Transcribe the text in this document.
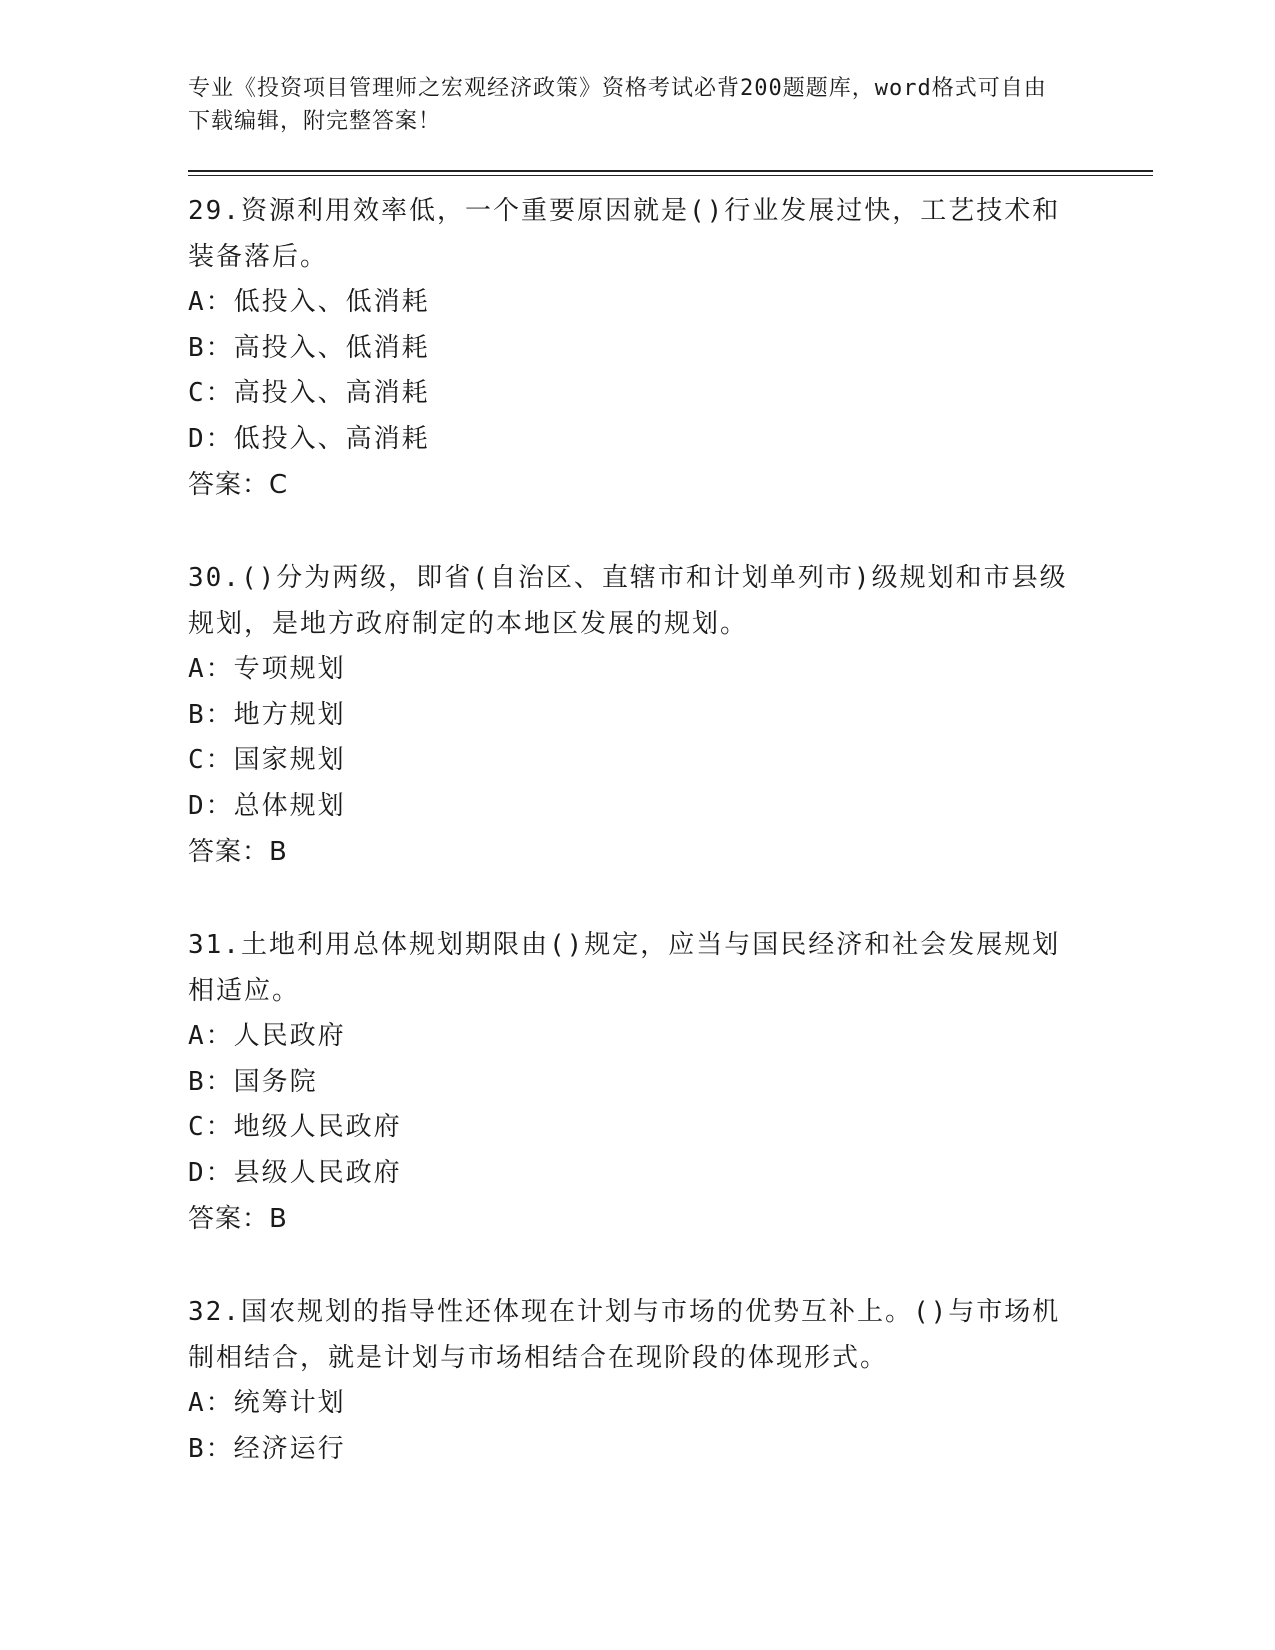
专业《投资项目管理师之宏观经济政策》资格考试必背200题题库，word格式可自由下载编辑，附完整答案！

29.资源利用效率低，一个重要原因就是()行业发展过快，工艺技术和装备落后。

A：低投入、低消耗

B：高投入、低消耗

C：高投入、高消耗

D：低投入、高消耗

答案：C

30.()分为两级，即省(自治区、直辖市和计划单列市)级规划和市县级规划，是地方政府制定的本地区发展的规划。

A：专项规划

B：地方规划

C：国家规划

D：总体规划

答案：B

31.土地利用总体规划期限由()规定，应当与国民经济和社会发展规划相适应。

A：人民政府

B：国务院

C：地级人民政府

D：县级人民政府

答案：B

32.国农规划的指导性还体现在计划与市场的优势互补上。()与市场机制相结合，就是计划与市场相结合在现阶段的体现形式。

A：统筹计划

B：经济运行
